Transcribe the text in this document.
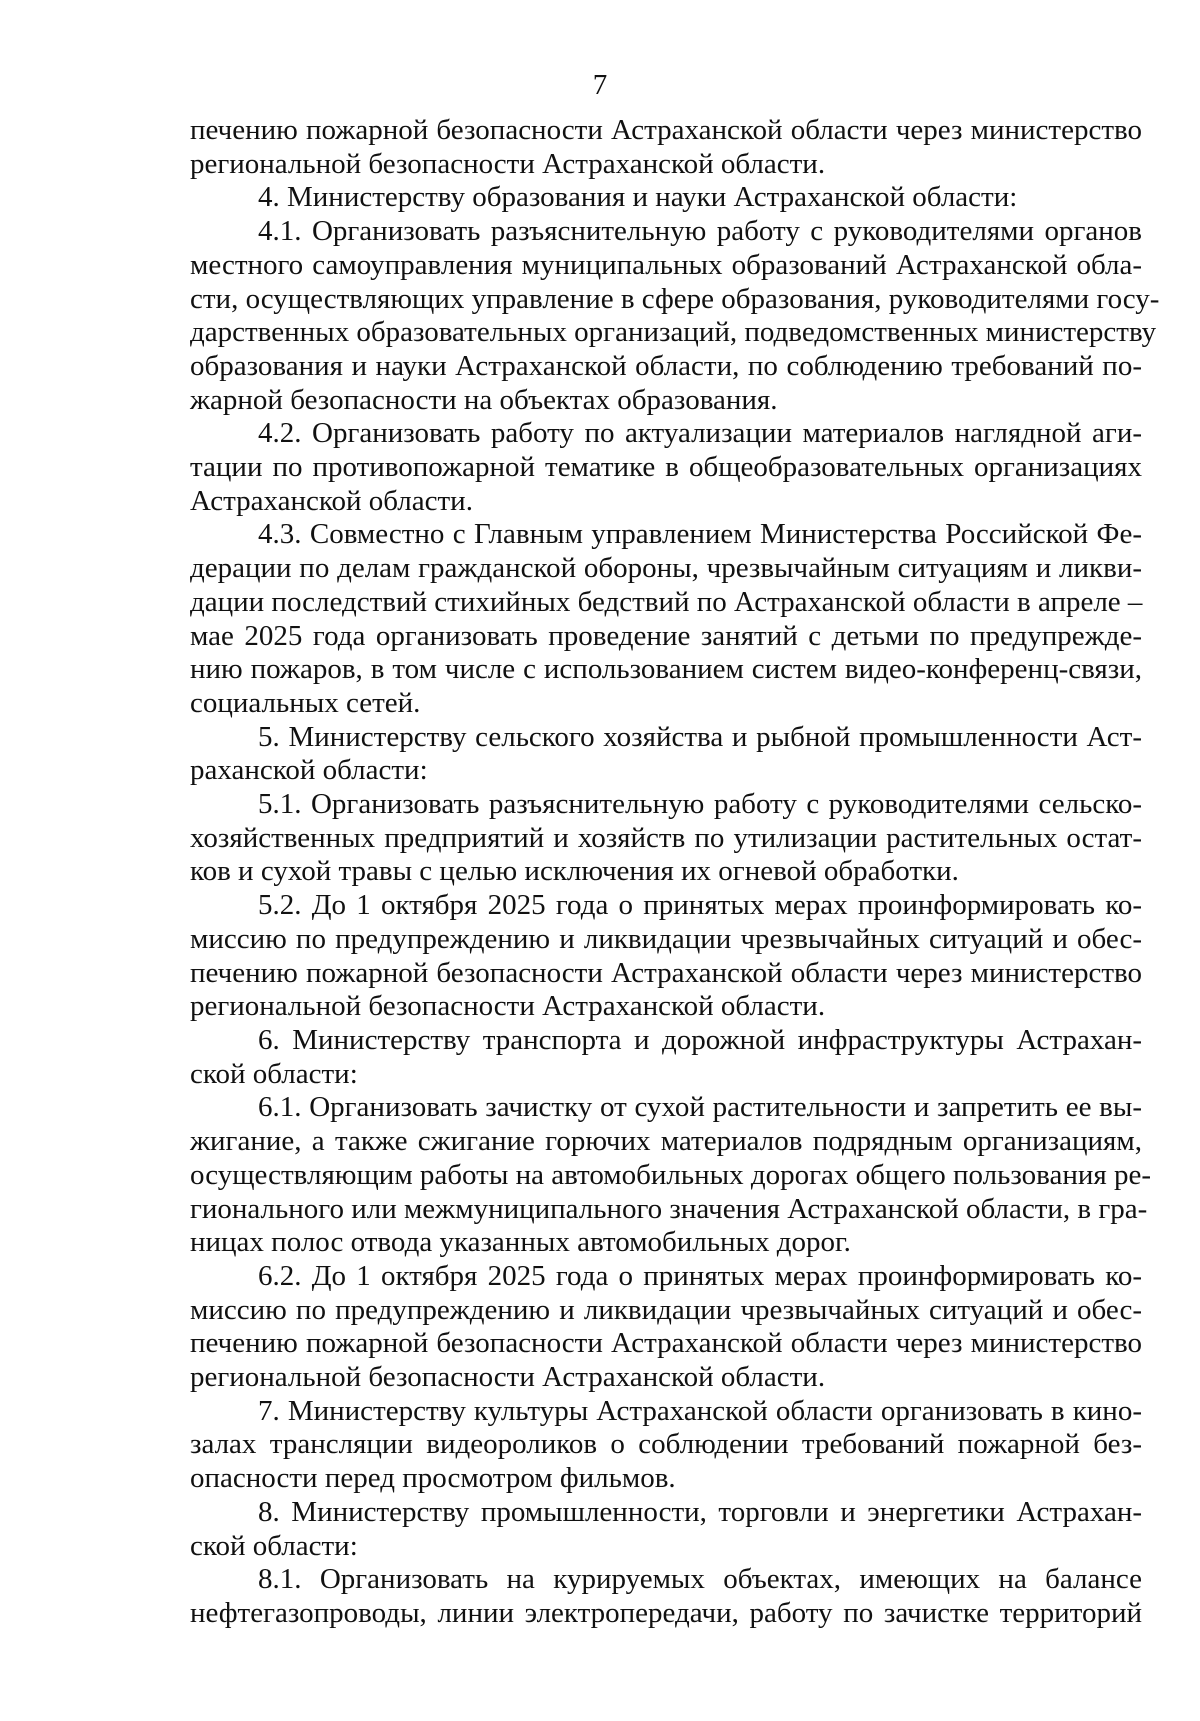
7
печению пожарной безопасности Астраханской области через министерство
региональной безопасности Астраханской области.
4. Министерству образования и науки Астраханской области:
4.1. Организовать разъяснительную работу с руководителями органов
местного самоуправления муниципальных образований Астраханской обла-
сти, осуществляющих управление в сфере образования, руководителями госу-
дарственных образовательных организаций, подведомственных министерству
образования и науки Астраханской области, по соблюдению требований по-
жарной безопасности на объектах образования.
4.2. Организовать работу по актуализации материалов наглядной аги-
тации по противопожарной тематике в общеобразовательных организациях
Астраханской области.
4.3. Совместно с Главным управлением Министерства Российской Фе-
дерации по делам гражданской обороны, чрезвычайным ситуациям и ликви-
дации последствий стихийных бедствий по Астраханской области в апреле –
мае 2025 года организовать проведение занятий с детьми по предупрежде-
нию пожаров, в том числе с использованием систем видео-конференц-связи,
социальных сетей.
5. Министерству сельского хозяйства и рыбной промышленности Аст-
раханской области:
5.1. Организовать разъяснительную работу с руководителями сельско-
хозяйственных предприятий и хозяйств по утилизации растительных остат-
ков и сухой травы с целью исключения их огневой обработки.
5.2. До 1 октября 2025 года о принятых мерах проинформировать ко-
миссию по предупреждению и ликвидации чрезвычайных ситуаций и обес-
печению пожарной безопасности Астраханской области через министерство
региональной безопасности Астраханской области.
6. Министерству транспорта и дорожной инфраструктуры Астрахан-
ской области:
6.1. Организовать зачистку от сухой растительности и запретить ее вы-
жигание, а также сжигание горючих материалов подрядным организациям,
осуществляющим работы на автомобильных дорогах общего пользования ре-
гионального или межмуниципального значения Астраханской области, в гра-
ницах полос отвода указанных автомобильных дорог.
6.2. До 1 октября 2025 года о принятых мерах проинформировать ко-
миссию по предупреждению и ликвидации чрезвычайных ситуаций и обес-
печению пожарной безопасности Астраханской области через министерство
региональной безопасности Астраханской области.
7. Министерству культуры Астраханской области организовать в кино-
залах трансляции видеороликов о соблюдении требований пожарной без-
опасности перед просмотром фильмов.
8. Министерству промышленности, торговли и энергетики Астрахан-
ской области:
8.1. Организовать на курируемых объектах, имеющих на балансе
нефтегазопроводы, линии электропередачи, работу по зачистке территорий
